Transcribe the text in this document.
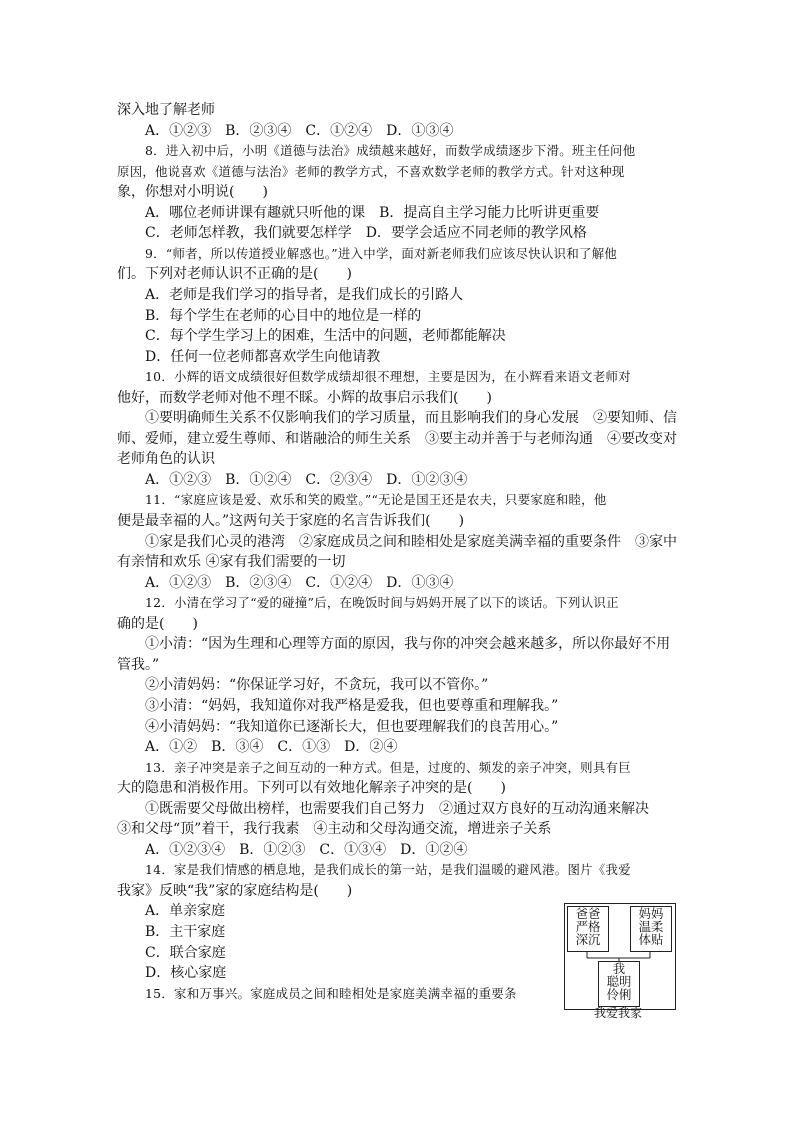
深入地了解老师
A．①②③　B．②③④　C．①②④　D．①③④
8．进入初中后，小明《道德与法治》成绩越来越好，而数学成绩逐步下滑。班主任问他
原因，他说喜欢《道德与法治》老师的教学方式，不喜欢数学老师的教学方式。针对这种现
象，你想对小明说(　　)
A．哪位老师讲课有趣就只听他的课　B．提高自主学习能力比听讲更重要
C．老师怎样教，我们就要怎样学　D．要学会适应不同老师的教学风格
9．“师者，所以传道授业解惑也。”进入中学，面对新老师我们应该尽快认识和了解他
们。下列对老师认识不正确的是(　　)
A．老师是我们学习的指导者，是我们成长的引路人
B．每个学生在老师的心目中的地位是一样的
C．每个学生学习上的困难，生活中的问题，老师都能解决
D．任何一位老师都喜欢学生向他请教
10．小辉的语文成绩很好但数学成绩却很不理想，主要是因为，在小辉看来语文老师对
他好，而数学老师对他不理不睬。小辉的故事启示我们(　　)
①要明确师生关系不仅影响我们的学习质量，而且影响我们的身心发展　②要知师、信
师、爱师，建立爱生尊师、和谐融洽的师生关系　③要主动并善于与老师沟通　④要改变对
老师角色的认识
A．①②③　B．①②④　C．②③④　D．①②③④
11．“家庭应该是爱、欢乐和笑的殿堂。”“无论是国王还是农夫，只要家庭和睦，他
便是最幸福的人。”这两句关于家庭的名言告诉我们(　　)
①家是我们心灵的港湾　②家庭成员之间和睦相处是家庭美满幸福的重要条件　③家中
有亲情和欢乐 ④家有我们需要的一切
A．①②③　B．②③④　C．①②④　D．①③④
12．小清在学习了“爱的碰撞”后，在晚饭时间与妈妈开展了以下的谈话。下列认识正
确的是(　　)
①小清：“因为生理和心理等方面的原因，我与你的冲突会越来越多，所以你最好不用
管我。”
②小清妈妈：“你保证学习好，不贪玩，我可以不管你。”
③小清：“妈妈，我知道你对我严格是爱我，但也要尊重和理解我。”
④小清妈妈：“我知道你已逐渐长大，但也要理解我们的良苦用心。”
A．①②　B．③④　C．①③　D．②④
13．亲子冲突是亲子之间互动的一种方式。但是，过度的、频发的亲子冲突，则具有巨
大的隐患和消极作用。下列可以有效地化解亲子冲突的是(　　)
①既需要父母做出榜样，也需要我们自己努力　②通过双方良好的互动沟通来解决
③和父母“顶”着干，我行我素　④主动和父母沟通交流，增进亲子关系
A．①②③④　B．①②③　C．①③④　D．①②④
14．家是我们情感的栖息地，是我们成长的第一站，是我们温暖的避风港。图片《我爱
我家》反映“我”家的家庭结构是(　　)
A．单亲家庭
B．主干家庭
C．联合家庭
D．核心家庭
15．家和万事兴。家庭成员之间和睦相处是家庭美满幸福的重要条
爸爸
严格
深沉
妈妈
温柔
体贴
我
聪明
伶俐
我爱我家
